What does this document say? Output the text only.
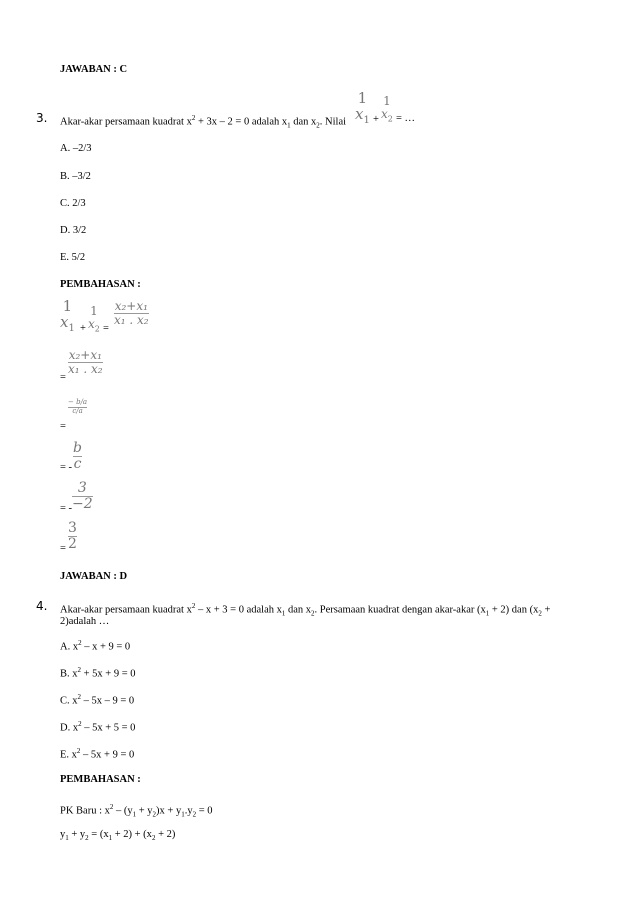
JAWABAN : C
3. Akar-akar persamaan kuadrat $x^2 + 3x - 2 = 0$ adalah $x_1$ dan $x_2$. Nilai
1
$x_1$ +
1
$x_2$ = …
A. –2/3
B. –3/2
C. 2/3
D. 3/2
E. 5/2
PEMBAHASAN :
1
$x_1$ +
1
$x_2$ =
$\frac{\text{x₂+x₁}}{\text{x₁ . x₂}}$
=
$\frac{\text{x₂+x₁}}{\text{x₁ . x₂}}$
=
$\frac{- b/a}{c/a}$
= - $\frac{b}{c}$
= - $\frac{3}{-2}$
= $\frac{3}{2}$
JAWABAN : D
4. Akar-akar persamaan kuadrat $x^2 - x + 3 = 0$ adalah $x_1$ dan $x_2$. Persamaan kuadrat dengan akar-akar $(x_1 + 2)$ dan ($x_2$ +
2)adalah …
A. $x^2 - x + 9 = 0$
B. $x^2 + 5x + 9 = 0$
C. $x^2 - 5x - 9 = 0$
D. $x^2 - 5x + 5 = 0$
E. $x^2 - 5x + 9 = 0$
PEMBAHASAN :
PK Baru : $x^2 - (y_1 + y_2)x + y_1.y_2 = 0$
$y_1 + y_2 = (x_1 + 2) + (x_2 + 2)$
